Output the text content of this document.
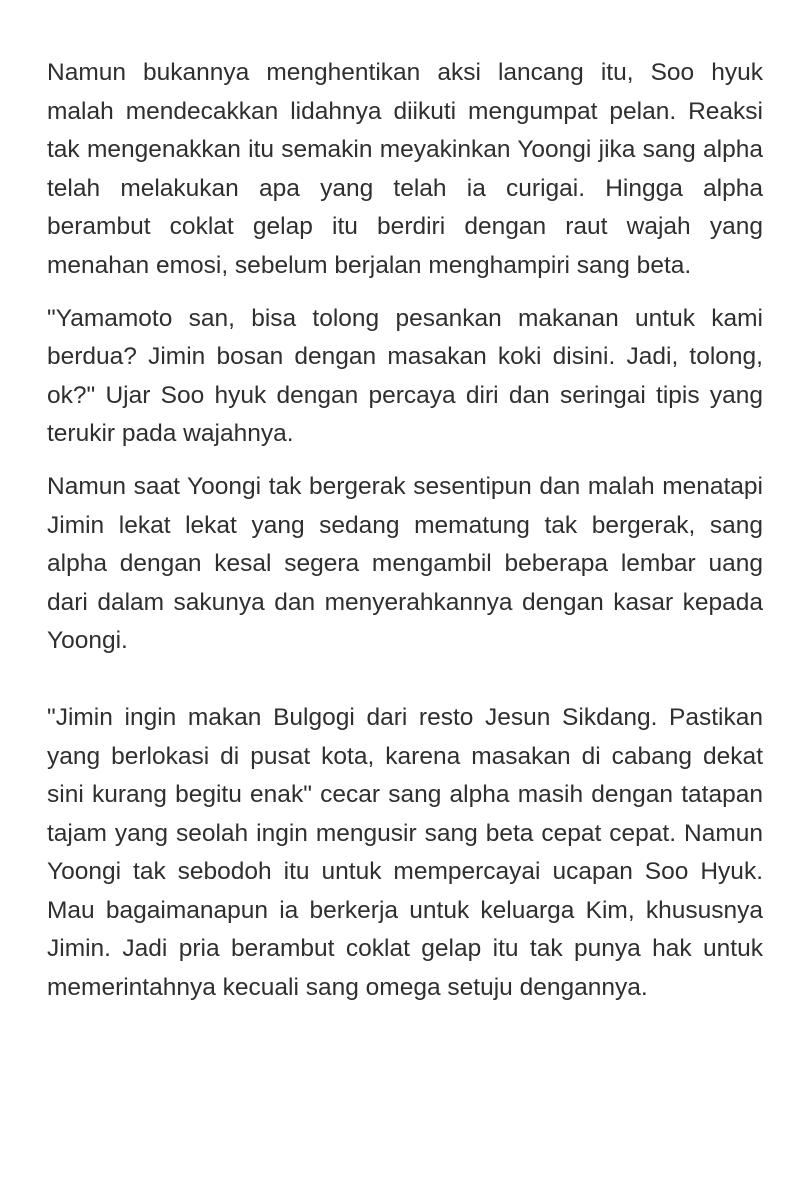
Namun bukannya menghentikan aksi lancang itu, Soo hyuk malah mendecakkan lidahnya diikuti mengumpat pelan. Reaksi tak mengenakkan itu semakin meyakinkan Yoongi jika sang alpha telah melakukan apa yang telah ia curigai. Hingga alpha berambut coklat gelap itu berdiri dengan raut wajah yang menahan emosi, sebelum berjalan menghampiri sang beta.

"Yamamoto san, bisa tolong pesankan makanan untuk kami berdua? Jimin bosan dengan masakan koki disini. Jadi, tolong, ok?" Ujar Soo hyuk dengan percaya diri dan seringai tipis yang terukir pada wajahnya.

Namun saat Yoongi tak bergerak sesentipun dan malah menatapi Jimin lekat lekat yang sedang mematung tak bergerak, sang alpha dengan kesal segera mengambil beberapa lembar uang dari dalam sakunya dan menyerahkannya dengan kasar kepada Yoongi.

"Jimin ingin makan Bulgogi dari resto Jesun Sikdang. Pastikan yang berlokasi di pusat kota, karena masakan di cabang dekat sini kurang begitu enak" cecar sang alpha masih dengan tatapan tajam yang seolah ingin mengusir sang beta cepat cepat. Namun Yoongi tak sebodoh itu untuk mempercayai ucapan Soo Hyuk. Mau bagaimanapun ia berkerja untuk keluarga Kim, khususnya Jimin. Jadi pria berambut coklat gelap itu tak punya hak untuk memerintahnya kecuali sang omega setuju dengannya.
